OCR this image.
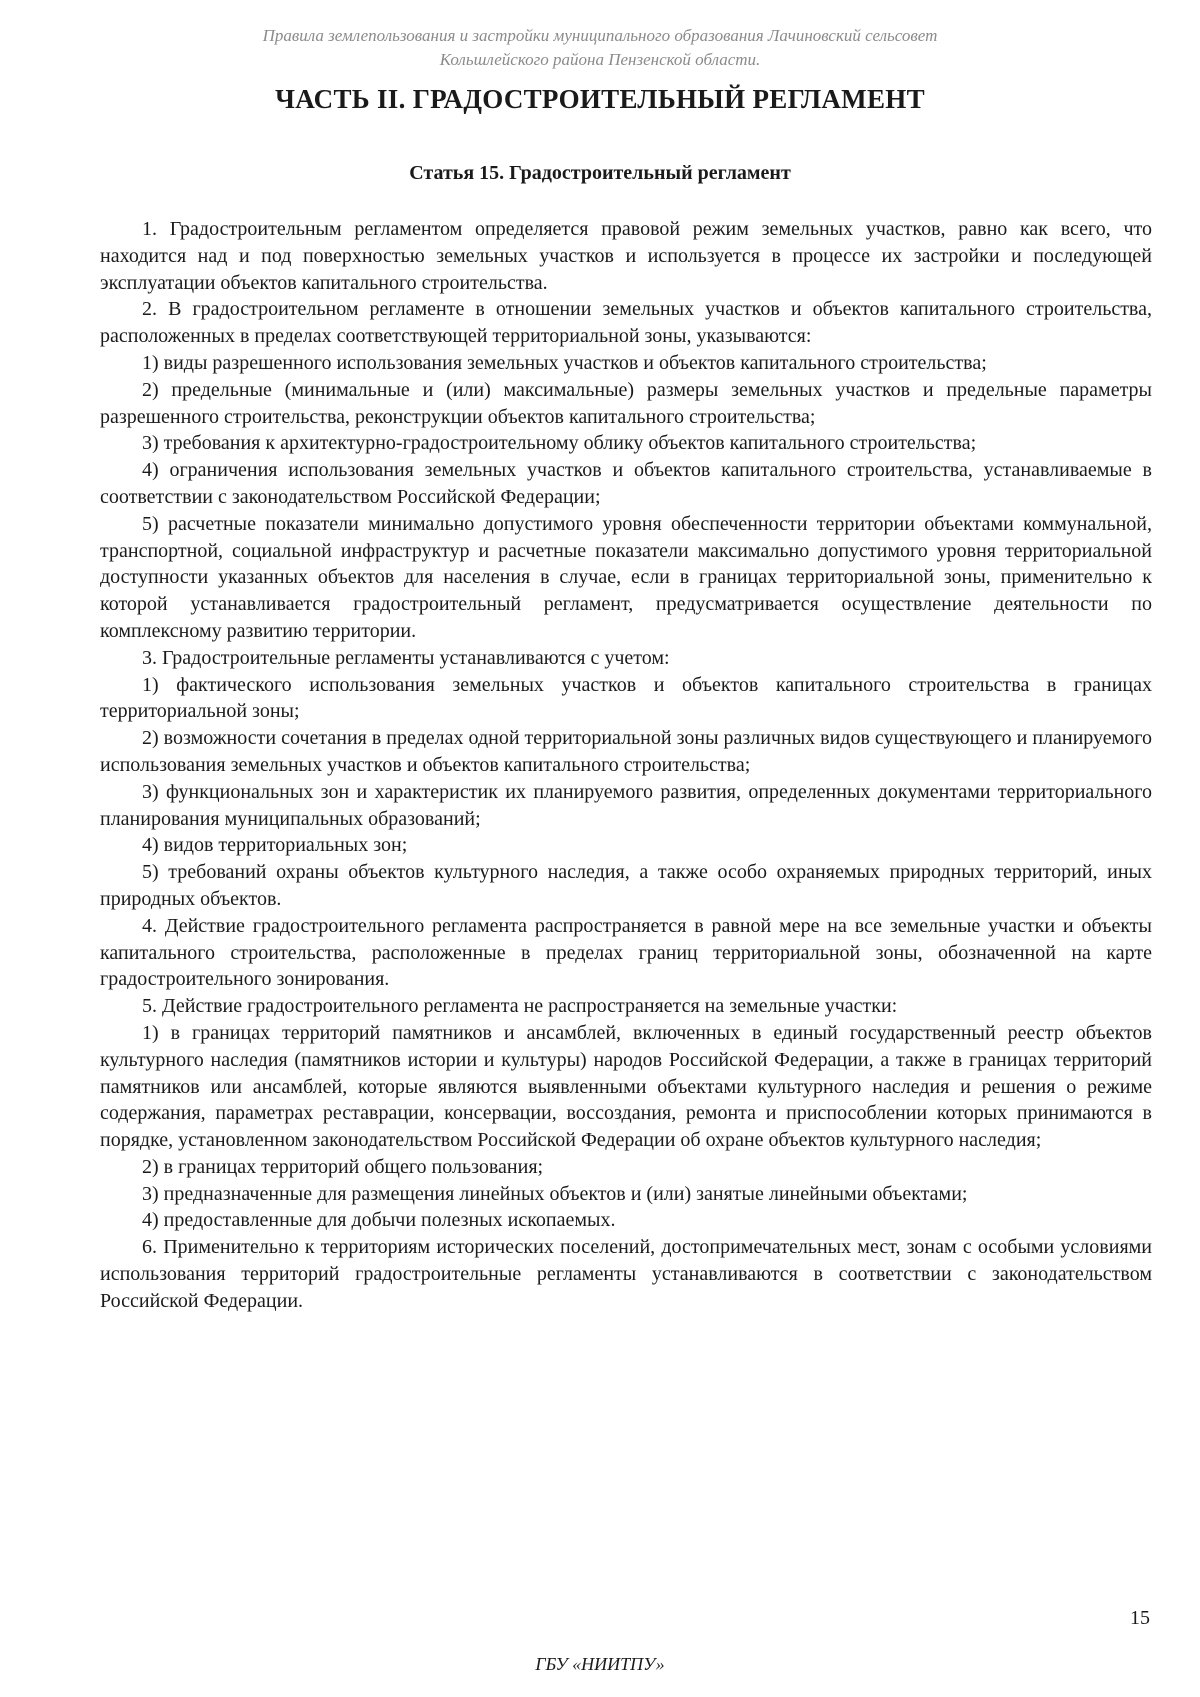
Правила землепользования и застройки муниципального образования Лачиновский сельсовет
Кольшлейского района Пензенской области.
ЧАСТЬ II. ГРАДОСТРОИТЕЛЬНЫЙ РЕГЛАМЕНТ
Статья 15. Градостроительный регламент

1. Градостроительным регламентом определяется правовой режим земельных участков, равно как всего, что находится над и под поверхностью земельных участков и используется в процессе их застройки и последующей эксплуатации объектов капитального строительства.

2. В градостроительном регламенте в отношении земельных участков и объектов капитального строительства, расположенных в пределах соответствующей территориальной зоны, указываются:

1) виды разрешенного использования земельных участков и объектов капитального строительства;

2) предельные (минимальные и (или) максимальные) размеры земельных участков и предельные параметры разрешенного строительства, реконструкции объектов капитального строительства;

3) требования к архитектурно-градостроительному облику объектов капитального строительства;

4) ограничения использования земельных участков и объектов капитального строительства, устанавливаемые в соответствии с законодательством Российской Федерации;

5) расчетные показатели минимально допустимого уровня обеспеченности территории объектами коммунальной, транспортной, социальной инфраструктур и расчетные показатели максимально допустимого уровня территориальной доступности указанных объектов для населения в случае, если в границах территориальной зоны, применительно к которой устанавливается градостроительный регламент, предусматривается осуществление деятельности по комплексному развитию территории.

3. Градостроительные регламенты устанавливаются с учетом:

1) фактического использования земельных участков и объектов капитального строительства в границах территориальной зоны;

2) возможности сочетания в пределах одной территориальной зоны различных видов существующего и планируемого использования земельных участков и объектов капитального строительства;

3) функциональных зон и характеристик их планируемого развития, определенных документами территориального планирования муниципальных образований;

4) видов территориальных зон;

5) требований охраны объектов культурного наследия, а также особо охраняемых природных территорий, иных природных объектов.

4. Действие градостроительного регламента распространяется в равной мере на все земельные участки и объекты капитального строительства, расположенные в пределах границ территориальной зоны, обозначенной на карте градостроительного зонирования.

5. Действие градостроительного регламента не распространяется на земельные участки:

1) в границах территорий памятников и ансамблей, включенных в единый государственный реестр объектов культурного наследия (памятников истории и культуры) народов Российской Федерации, а также в границах территорий памятников или ансамблей, которые являются выявленными объектами культурного наследия и решения о режиме содержания, параметрах реставрации, консервации, воссоздания, ремонта и приспособлении которых принимаются в порядке, установленном законодательством Российской Федерации об охране объектов культурного наследия;

2) в границах территорий общего пользования;

3) предназначенные для размещения линейных объектов и (или) занятые линейными объектами;

4) предоставленные для добычи полезных ископаемых.

6. Применительно к территориям исторических поселений, достопримечательных мест, зонам с особыми условиями использования территорий градостроительные регламенты устанавливаются в соответствии с законодательством Российской Федерации.

15
ГБУ «НИИТПУ»
